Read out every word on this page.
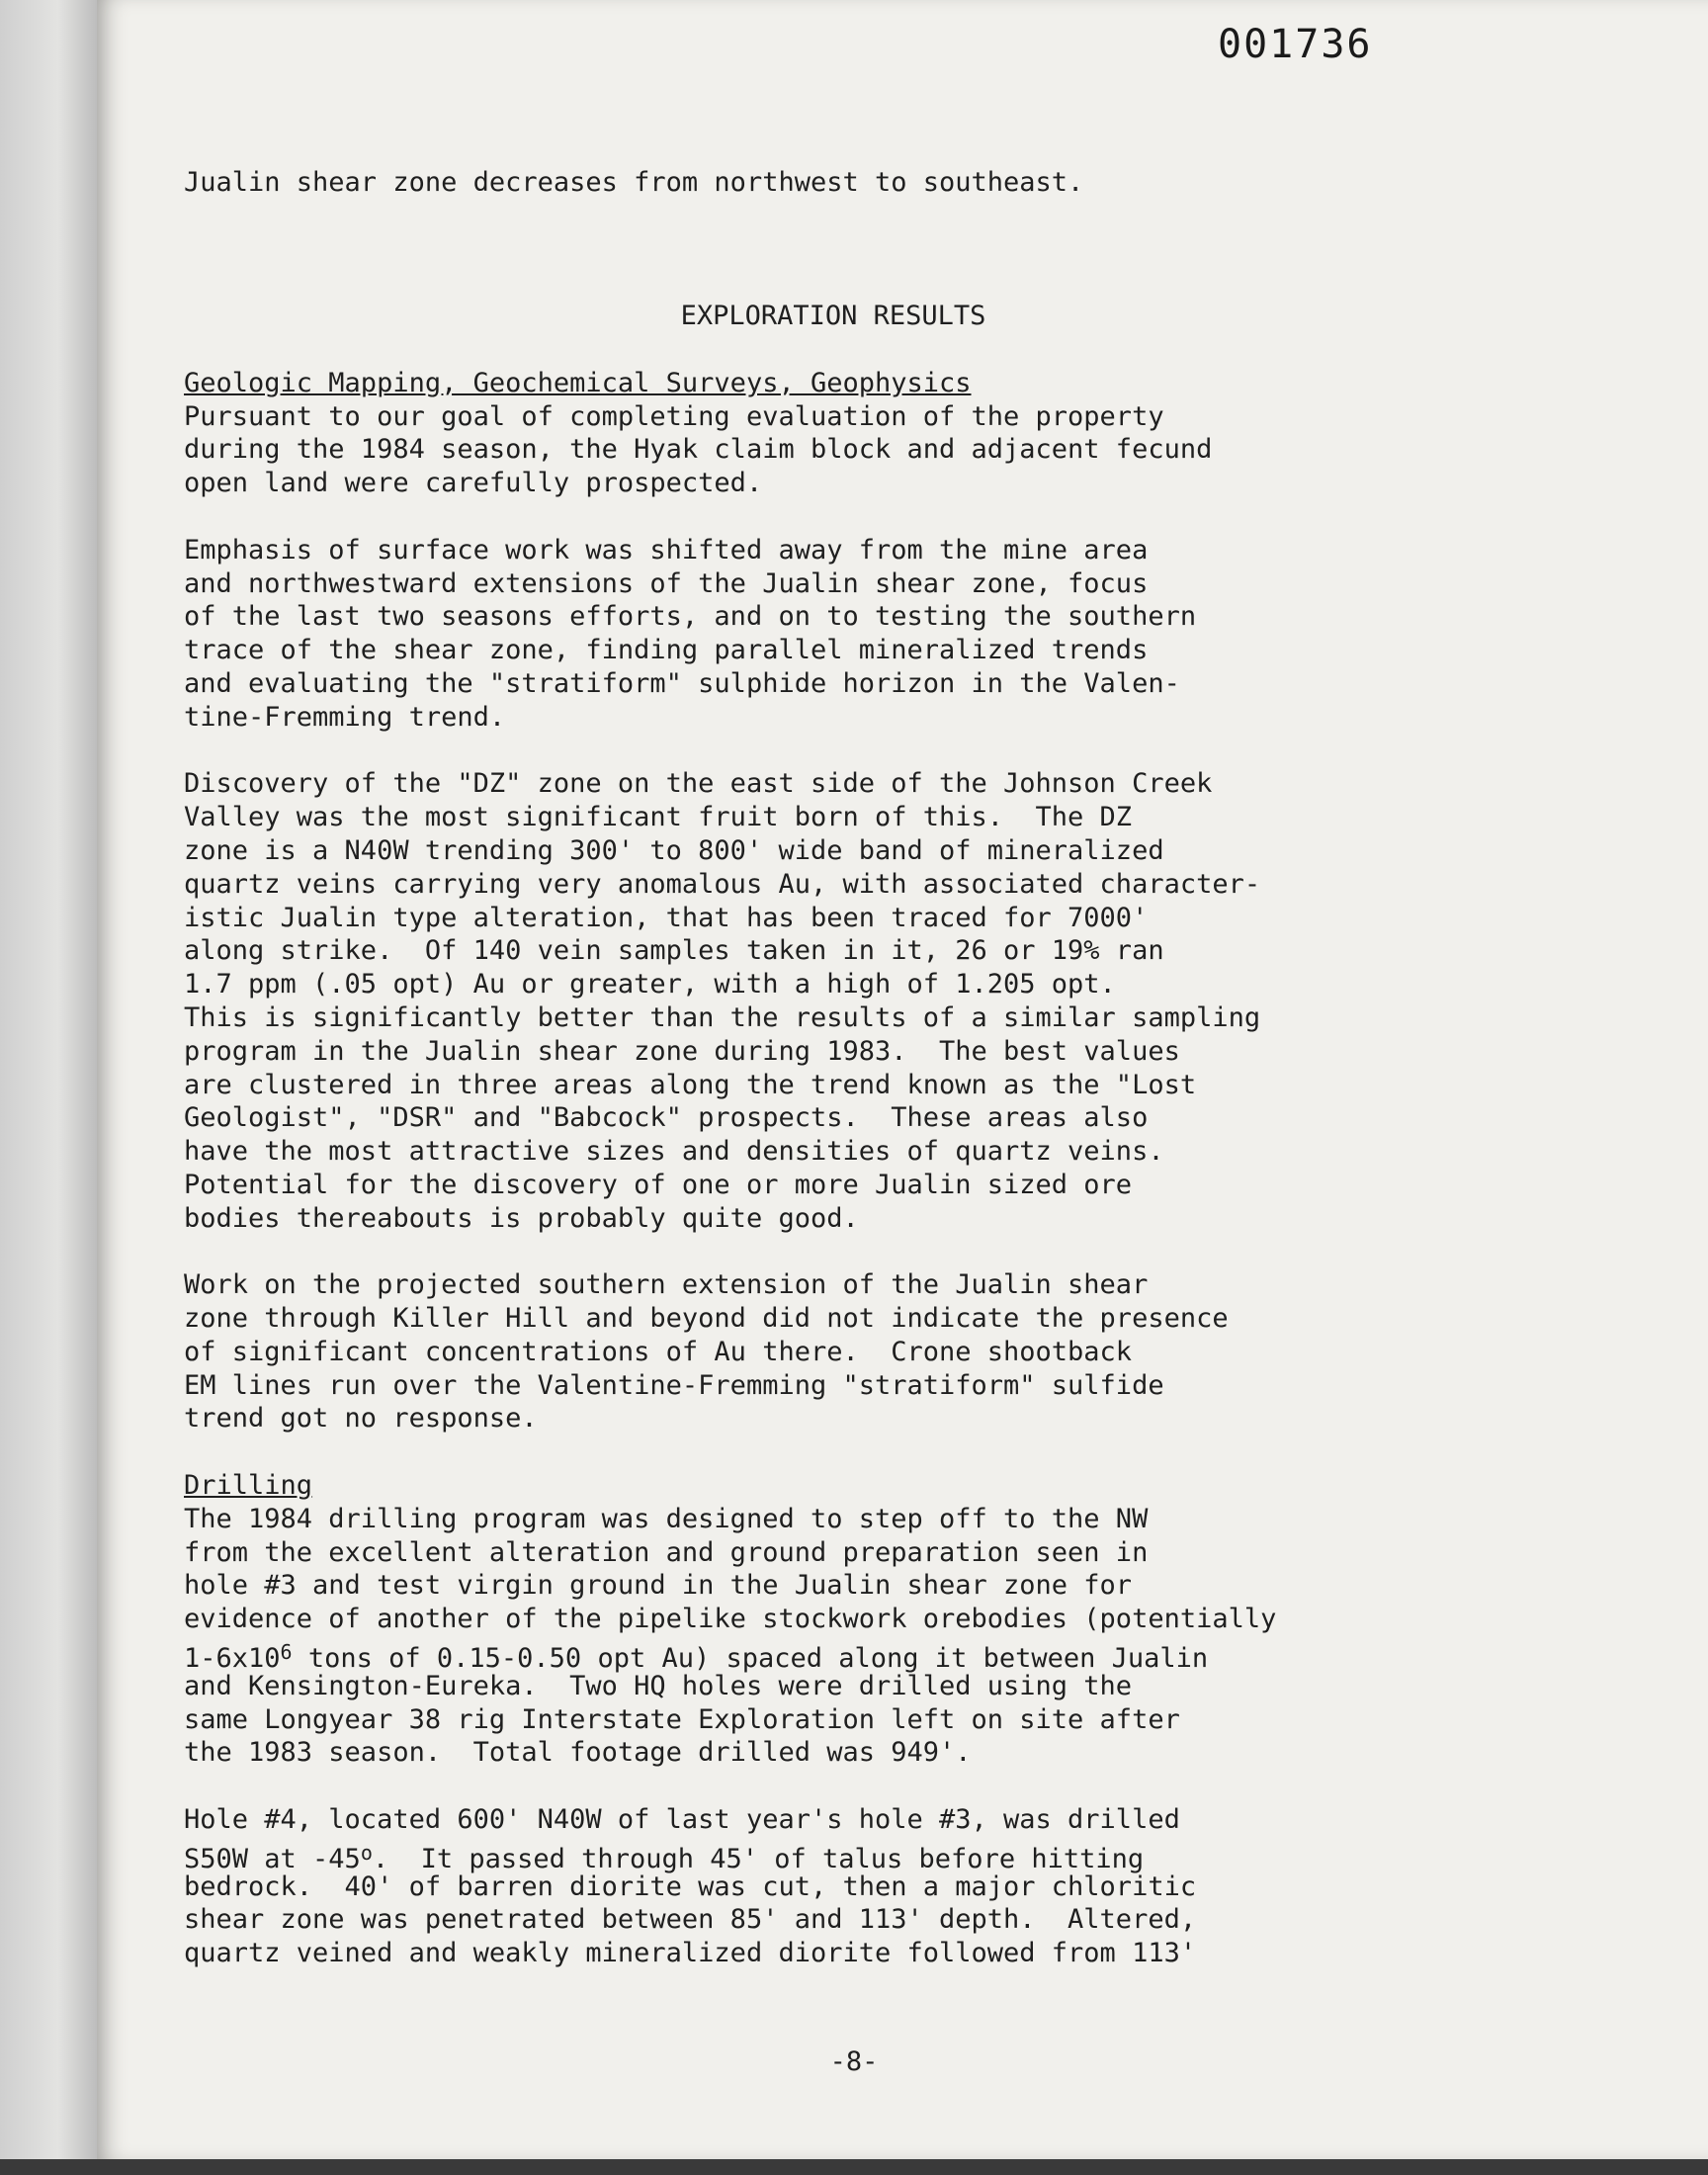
001736
Jualin shear zone decreases from northwest to southeast.
EXPLORATION RESULTS
Geologic Mapping, Geochemical Surveys, Geophysics
Pursuant to our goal of completing evaluation of the property
during the 1984 season, the Hyak claim block and adjacent fecund
open land were carefully prospected.
Emphasis of surface work was shifted away from the mine area
and northwestward extensions of the Jualin shear zone, focus
of the last two seasons efforts, and on to testing the southern
trace of the shear zone, finding parallel mineralized trends
and evaluating the "stratiform" sulphide horizon in the Valen-
tine-Fremming trend.
Discovery of the "DZ" zone on the east side of the Johnson Creek
Valley was the most significant fruit born of this.  The DZ
zone is a N40W trending 300' to 800' wide band of mineralized
quartz veins carrying very anomalous Au, with associated character-
istic Jualin type alteration, that has been traced for 7000'
along strike.  Of 140 vein samples taken in it, 26 or 19% ran
1.7 ppm (.05 opt) Au or greater, with a high of 1.205 opt.
This is significantly better than the results of a similar sampling
program in the Jualin shear zone during 1983.  The best values
are clustered in three areas along the trend known as the "Lost
Geologist", "DSR" and "Babcock" prospects.  These areas also
have the most attractive sizes and densities of quartz veins.
Potential for the discovery of one or more Jualin sized ore
bodies thereabouts is probably quite good.
Work on the projected southern extension of the Jualin shear
zone through Killer Hill and beyond did not indicate the presence
of significant concentrations of Au there.  Crone shootback
EM lines run over the Valentine-Fremming "stratiform" sulfide
trend got no response.
Drilling
The 1984 drilling program was designed to step off to the NW
from the excellent alteration and ground preparation seen in
hole #3 and test virgin ground in the Jualin shear zone for
evidence of another of the pipelike stockwork orebodies (potentially
$1-6x10^6$ tons of 0.15-0.50 opt Au) spaced along it between Jualin
and Kensington-Eureka.  Two HQ holes were drilled using the
same Longyear 38 rig Interstate Exploration left on site after
the 1983 season.  Total footage drilled was 949'.
Hole #4, located 600' N40W of last year's hole #3, was drilled
S50W at -45$^o$.  It passed through 45' of talus before hitting
bedrock.  40' of barren diorite was cut, then a major chloritic
shear zone was penetrated between 85' and 113' depth.  Altered,
quartz veined and weakly mineralized diorite followed from 113'
-8-
